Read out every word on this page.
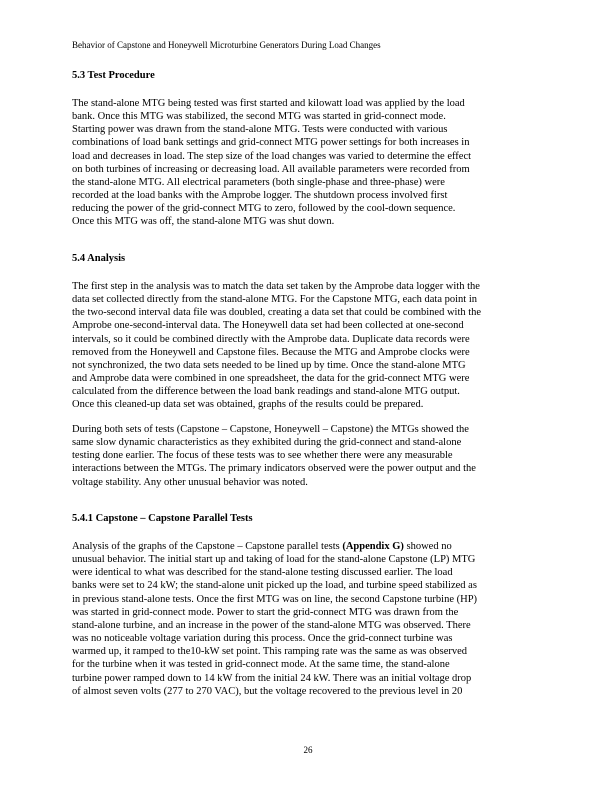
Behavior of Capstone and Honeywell Microturbine Generators During Load Changes
5.3 Test Procedure
The stand-alone MTG being tested was first started and kilowatt load was applied by the load
bank. Once this MTG was stabilized, the second MTG was started in grid-connect mode.
Starting power was drawn from the stand-alone MTG. Tests were conducted with various
combinations of load bank settings and grid-connect MTG power settings for both increases in
load and decreases in load. The step size of the load changes was varied to determine the effect
on both turbines of increasing or decreasing load. All available parameters were recorded from
the stand-alone MTG. All electrical parameters (both single-phase and three-phase) were
recorded at the load banks with the Amprobe logger. The shutdown process involved first
reducing the power of the grid-connect MTG to zero, followed by the cool-down sequence.
Once this MTG was off, the stand-alone MTG was shut down.
5.4 Analysis
The first step in the analysis was to match the data set taken by the Amprobe data logger with the
data set collected directly from the stand-alone MTG. For the Capstone MTG, each data point in
the two-second interval data file was doubled, creating a data set that could be combined with the
Amprobe one-second-interval data. The Honeywell data set had been collected at one-second
intervals, so it could be combined directly with the Amprobe data. Duplicate data records were
removed from the Honeywell and Capstone files. Because the MTG and Amprobe clocks were
not synchronized, the two data sets needed to be lined up by time. Once the stand-alone MTG
and Amprobe data were combined in one spreadsheet, the data for the grid-connect MTG were
calculated from the difference between the load bank readings and stand-alone MTG output.
Once this cleaned-up data set was obtained, graphs of the results could be prepared.
During both sets of tests (Capstone – Capstone, Honeywell – Capstone) the MTGs showed the
same slow dynamic characteristics as they exhibited during the grid-connect and stand-alone
testing done earlier. The focus of these tests was to see whether there were any measurable
interactions between the MTGs. The primary indicators observed were the power output and the
voltage stability. Any other unusual behavior was noted.
5.4.1 Capstone – Capstone Parallel Tests
Analysis of the graphs of the Capstone – Capstone parallel tests (Appendix G) showed no
unusual behavior. The initial start up and taking of load for the stand-alone Capstone (LP) MTG
were identical to what was described for the stand-alone testing discussed earlier. The load
banks were set to 24 kW; the stand-alone unit picked up the load, and turbine speed stabilized as
in previous stand-alone tests. Once the first MTG was on line, the second Capstone turbine (HP)
was started in grid-connect mode. Power to start the grid-connect MTG was drawn from the
stand-alone turbine, and an increase in the power of the stand-alone MTG was observed. There
was no noticeable voltage variation during this process. Once the grid-connect turbine was
warmed up, it ramped to the10-kW set point. This ramping rate was the same as was observed
for the turbine when it was tested in grid-connect mode. At the same time, the stand-alone
turbine power ramped down to 14 kW from the initial 24 kW. There was an initial voltage drop
of almost seven volts (277 to 270 VAC), but the voltage recovered to the previous level in 20
26
